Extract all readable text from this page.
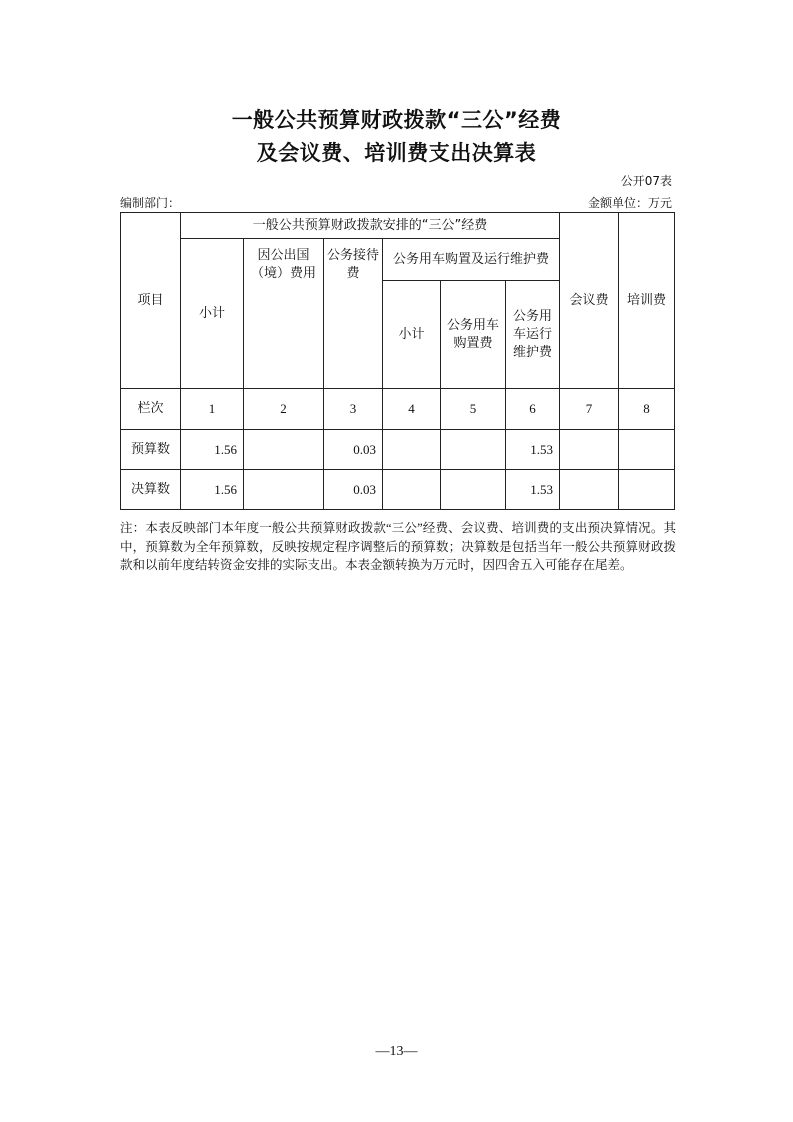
一般公共预算财政拨款“三公”经费
及会议费、培训费支出决算表
公开07表
编制部门：	金额单位：万元
项目	一般公共预算财政拨款安排的“三公”经费						会议费	培训费
	小计	因公出国（境）费用	公务接待费	公务用车购置及运行维护费				
				小计	公务用车购置费	公务用车运行维护费		

栏次	1	2	3	4	5	6	7	8
预算数	1.56		0.03			1.53		
决算数	1.56		0.03			1.53		
注：本表反映部门本年度一般公共预算财政拨款“三公”经费、会议费、培训费的支出预决算情况。其中，预算数为全年预算数，反映按规定程序调整后的预算数；决算数是包括当年一般公共预算财政拨款和以前年度结转资金安排的实际支出。本表金额转换为万元时，因四舍五入可能存在尾差。
—13—
